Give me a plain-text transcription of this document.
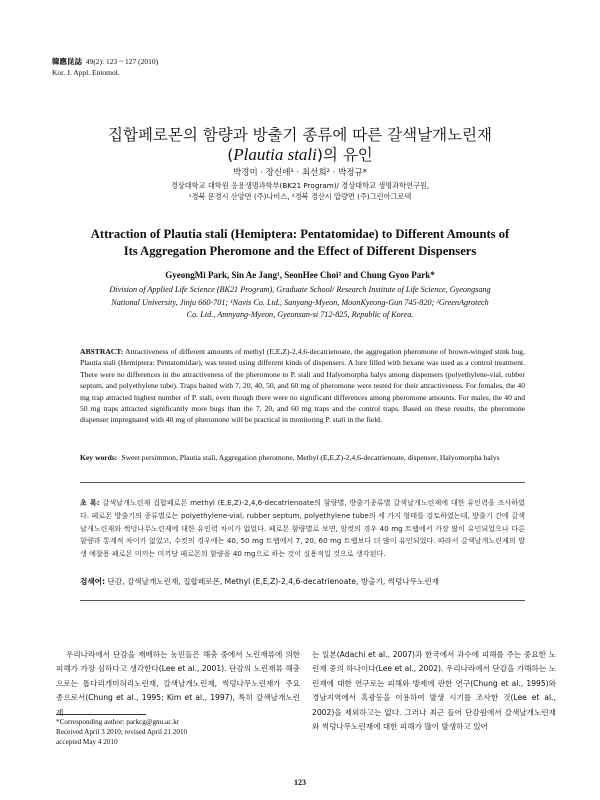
韓應昆誌 49(2): 123 ~ 127 (2010)
Kor. J. Appl. Entomol.
집합페로몬의 함량과 방출기 종류에 따른 갈색날개노린재
(Plautia stali)의 유인
박경미 · 장신애¹ · 최선희² · 박정규*
경상대학교 대학원 응용생명과학부(BK21 Program)/ 경상대학교 생명과학연구원,
¹경북 문경시 산양면 (주)나비스, ²경북 경산시 압량면 (주)그린아그로텍
Attraction of Plautia stali (Hemiptera: Pentatomidae) to Different Amounts of
Its Aggregation Pheromone and the Effect of Different Dispensers
GyeongMi Park, Sin Ae Jang¹, SeonHee Choi² and Chung Gyoo Park*
Division of Applied Life Science (BK21 Program), Graduate School/ Research Institute of Life Science, Gyeongsang
National University, Jinju 660-701; ¹Navis Co. Ltd., Sanyang-Myeon, MoonKyeong-Gun 745-820; ²GreenAgrotech
Co. Ltd., Amnyang-Myeon, Gyeonsan-si 712-825, Republic of Korea.
ABSTRACT: Attractiveness of different amounts of methyl (E,E,Z)-2,4,6-decatrienoate, the aggregation pheromone of brown-winged stink bug, Plautia stali (Hemiptera: Pentatomidae), was tested using different kinds of dispensers. A lure filled with hexane was used as a control treatment. There were no differences in the attractiveness of the pheromone to P. stali and Halyomorpha halys among dispensers (polyethylene-vial, rubber septum, and polyethylene tube). Traps baited with 7, 20, 40, 50, and 60 mg of pheromone were tested for their attractiveness. For females, the 40 mg trap attracted highest number of P. stali, even though there were no significant differences among pheromone amounts. For males, the 40 and 50 mg traps attracted significantly more bugs than the 7, 20, and 60 mg traps and the control traps. Based on these results, the pheromone dispenser impregnated with 40 mg of pheromone will be practical in monitoring P. stali in the field.
Key words: Sweet persimmon, Plautia stali, Aggregation pheromone, Methyl (E,E,Z)-2,4,6-decatrienoate, dispenser, Halyomorpha halys
초 록: 갈색날개노린재 집합페로몬 methyl (E,E,Z)-2,4,6-decatrienoate의 함량별, 방출기종류별 갈색날개노린재에 대한 유인력을 조사하였다. 페로몬 방출기의 종류별로는 polyethylene-vial, rubber septum, polyethylene tube의 세 가지 형태를 검토하였는데, 방출기 간에 갈색날개노린재와 썩덩나무노린재에 대한 유인력 차이가 없었다. 페로몬 함량별로 보면, 암컷의 경우 40 mg 트랩에서 가장 많이 유인되었으나 다른 함량과 통계적 차이가 없었고, 수컷의 경우에는 40, 50 mg 트랩에서 7, 20, 60 mg 트랩보다 더 많이 유인되었다. 따라서 갈색날개노린재의 발생 예찰용 페로몬 미끼는 미끼당 페로몬의 함량을 40 mg으로 하는 것이 실용적일 것으로 생각된다.
검색어: 단감, 갈색날개노린재, 집합페로몬, Methyl (E,E,Z)-2,4,6-decatrienoate, 방출기, 썩덩나무노린재
우리나라에서 단감을 재배하는 농민들은 해충 중에서 노린재류에 의한 피해가 가장 심하다고 생각한다(Lee et al., 2001). 단감의 노린재류 해충으로는 톱다리개미허리노린재, 갈색날개노린재, 썩덩나무노린재가 주요 종으로서(Chung et al., 1995; Kim et al., 1997), 특히 갈색날개노린재
는 일본(Adachi et al., 2007)과 한국에서 과수에 피해를 주는 중요한 노린재 중의 하나이다(Lee et al., 2002). 우리나라에서 단감을 가해하는 노린재에 대한 연구로는 피해와 방제에 관한 연구(Chung et al., 1995)와 경남지역에서 혹광등을 이용하여 발생 시기를 조사한 것(Lee et al., 2002)을 제외하고는 없다. 그러나 최근 들어 단감원에서 갈색날개노린재와 썩덩나무노린재에 대한 피해가 많이 발생하고 있어
*Corresponding author: parkcg@gnu.ac.kr
Received April 3 2010; revised April 21 2010
accepted May 4 2010
123
